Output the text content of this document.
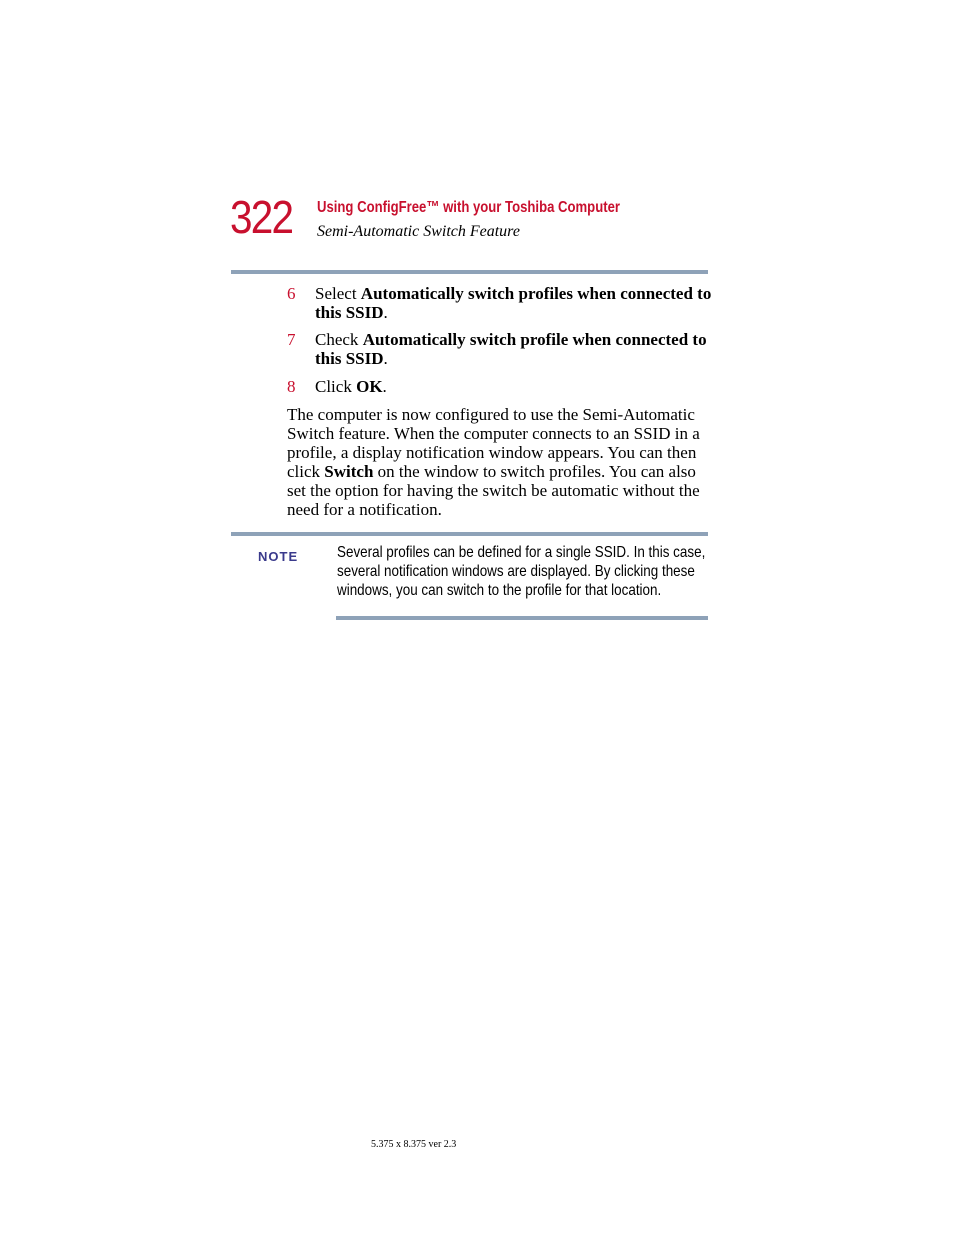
322 Using ConfigFree™ with your Toshiba Computer
Semi-Automatic Switch Feature
6 Select Automatically switch profiles when connected to this SSID.
7 Check Automatically switch profile when connected to this SSID.
8 Click OK.
The computer is now configured to use the Semi-Automatic Switch feature. When the computer connects to an SSID in a profile, a display notification window appears. You can then click Switch on the window to switch profiles. You can also set the option for having the switch be automatic without the need for a notification.
NOTE Several profiles can be defined for a single SSID. In this case, several notification windows are displayed. By clicking these windows, you can switch to the profile for that location.
5.375 x 8.375 ver 2.3
